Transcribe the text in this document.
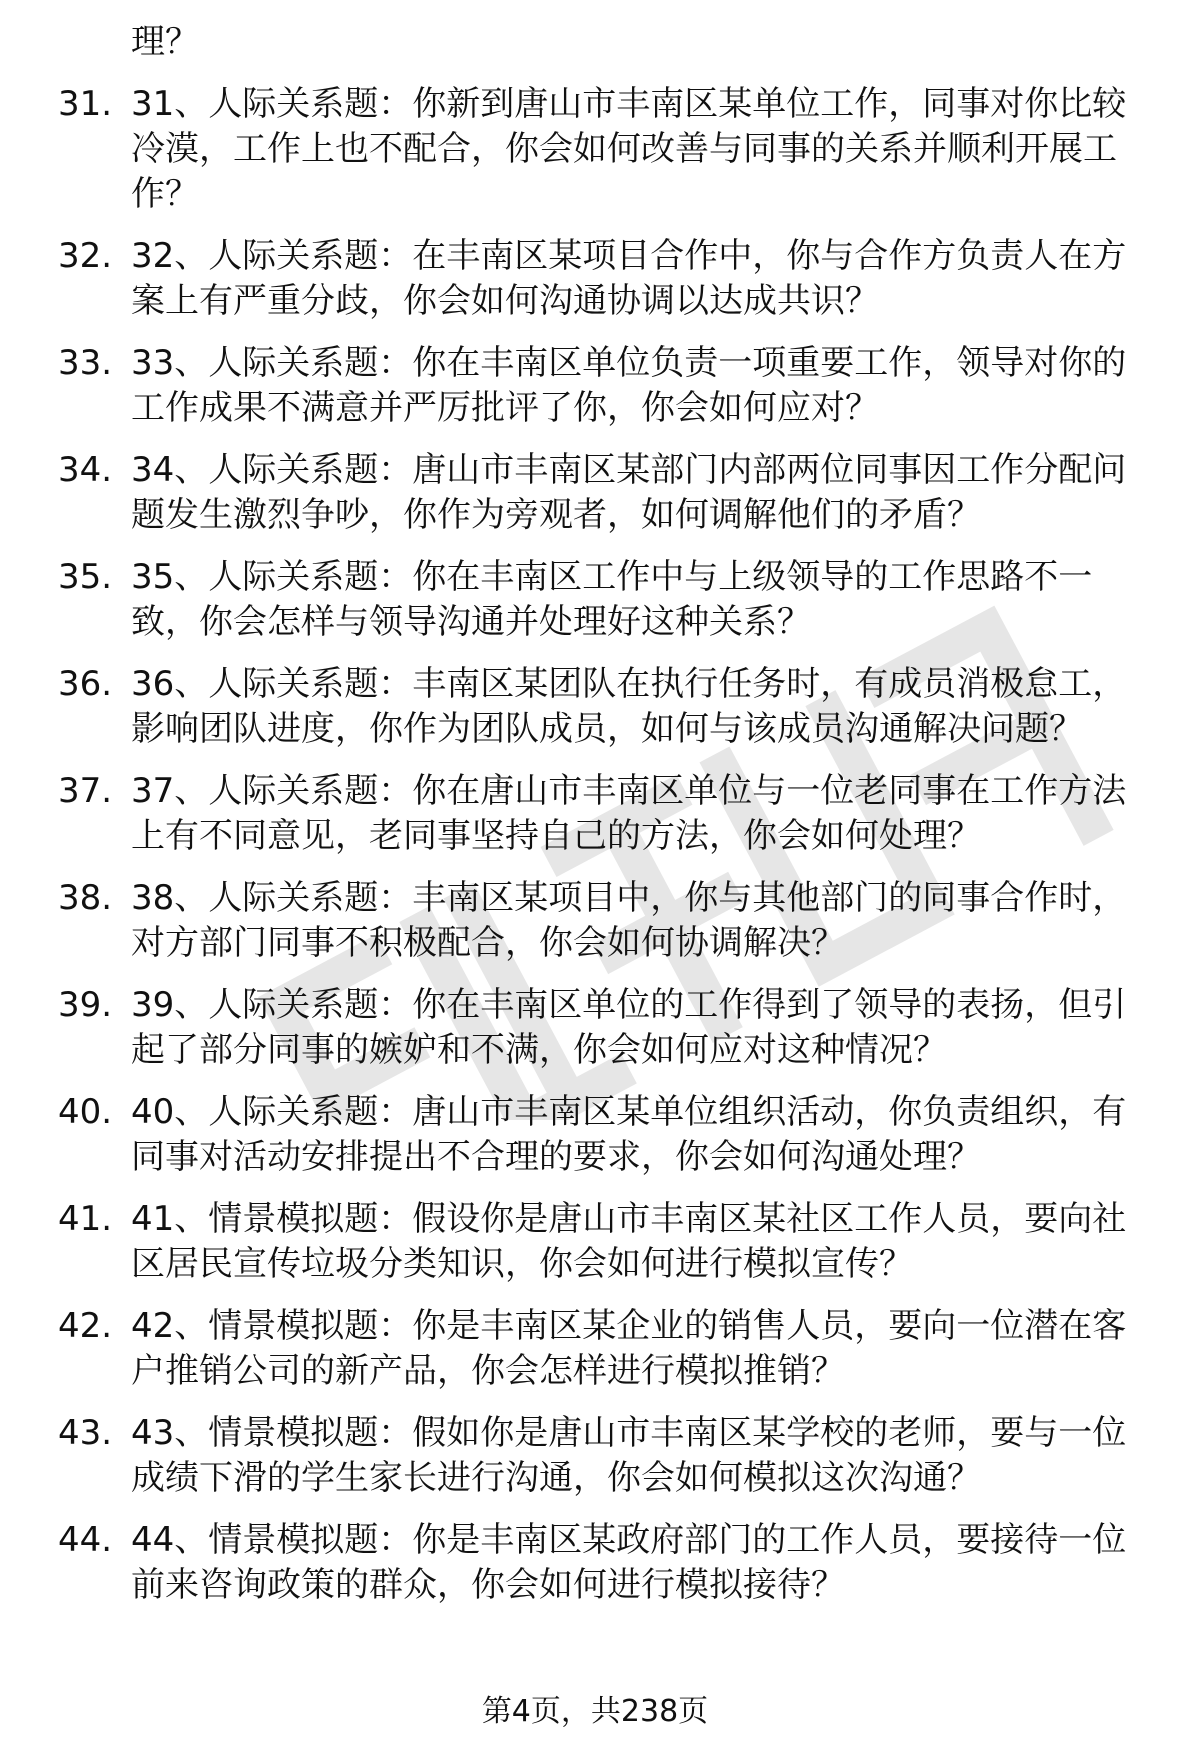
理？

31. 31、人际关系题：你新到唐山市丰南区某单位工作，同事对你比较冷漠，工作上也不配合，你会如何改善与同事的关系并顺利开展工作？

32. 32、人际关系题：在丰南区某项目合作中，你与合作方负责人在方案上有严重分歧，你会如何沟通协调以达成共识？

33. 33、人际关系题：你在丰南区单位负责一项重要工作，领导对你的工作成果不满意并严厉批评了你，你会如何应对？

34. 34、人际关系题：唐山市丰南区某部门内部两位同事因工作分配问题发生激烈争吵，你作为旁观者，如何调解他们的矛盾？

35. 35、人际关系题：你在丰南区工作中与上级领导的工作思路不一致，你会怎样与领导沟通并处理好这种关系？

36. 36、人际关系题：丰南区某团队在执行任务时，有成员消极怠工，影响团队进度，你作为团队成员，如何与该成员沟通解决问题？

37. 37、人际关系题：你在唐山市丰南区单位与一位老同事在工作方法上有不同意见，老同事坚持自己的方法，你会如何处理？

38. 38、人际关系题：丰南区某项目中，你与其他部门的同事合作时，对方部门同事不积极配合，你会如何协调解决？

39. 39、人际关系题：你在丰南区单位的工作得到了领导的表扬，但引起了部分同事的嫉妒和不满，你会如何应对这种情况？

40. 40、人际关系题：唐山市丰南区某单位组织活动，你负责组织，有同事对活动安排提出不合理的要求，你会如何沟通处理？

41. 41、情景模拟题：假设你是唐山市丰南区某社区工作人员，要向社区居民宣传垃圾分类知识，你会如何进行模拟宣传？

42. 42、情景模拟题：你是丰南区某企业的销售人员，要向一位潜在客户推销公司的新产品，你会怎样进行模拟推销？

43. 43、情景模拟题：假如你是唐山市丰南区某学校的老师，要与一位成绩下滑的学生家长进行沟通，你会如何模拟这次沟通？

44. 44、情景模拟题：你是丰南区某政府部门的工作人员，要接待一位前来咨询政策的群众，你会如何进行模拟接待？

第4页，共238页
